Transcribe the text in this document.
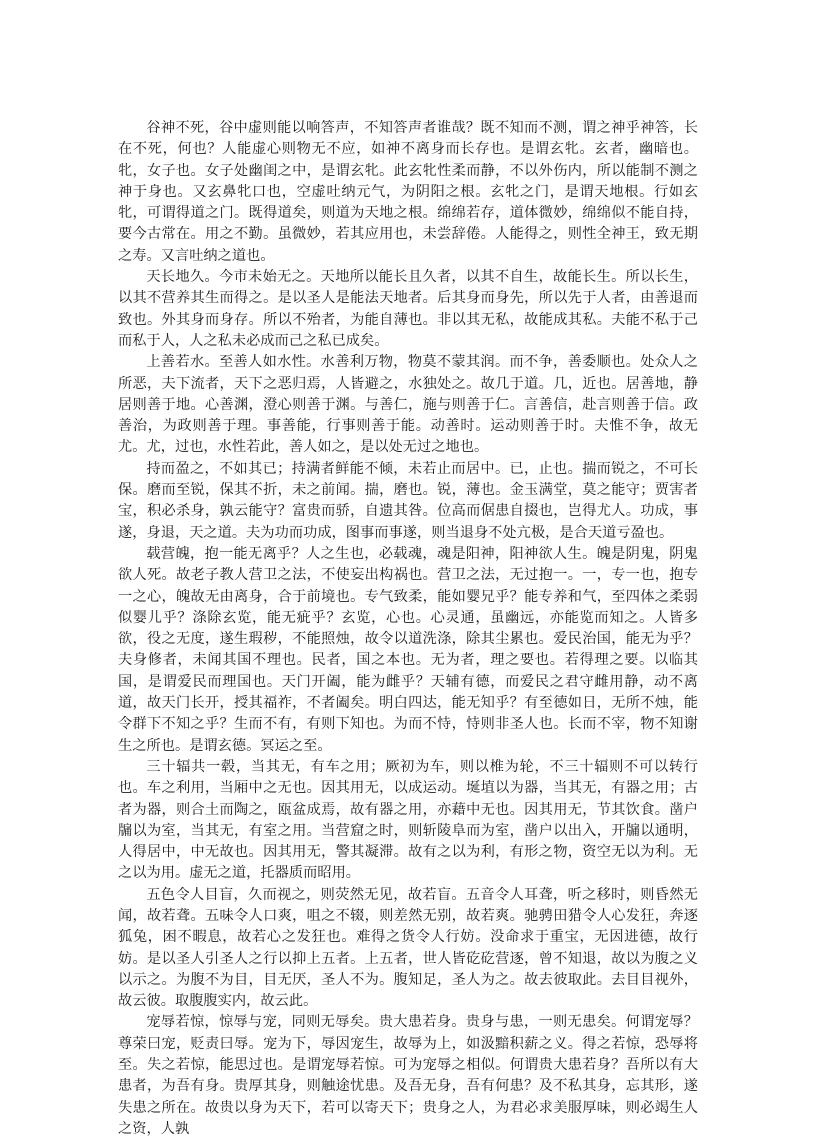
谷神不死，谷中虚则能以响答声，不知答声者谁哉？既不知而不测，谓之神乎神答，长在不死，何也？人能虚心则物无不应，如神不离身而长存也。是谓玄牝。玄者，幽暗也。牝，女子也。女子处幽闺之中，是谓玄牝。此玄牝性柔而静，不以外伤内，所以能制不测之神于身也。又玄鼻牝口也，空虚吐纳元气，为阴阳之根。玄牝之门，是谓天地根。行如玄牝，可谓得道之门。既得道矣，则道为天地之根。绵绵若存，道体微妙，绵绵似不能自持，要今古常在。用之不勤。虽微妙，若其应用也，未尝辞倦。人能得之，则性全神王，致无期之寿。又言吐纳之道也。

天长地久。今市未始无之。天地所以能长且久者，以其不自生，故能长生。所以长生，以其不营养其生而得之。是以圣人是能法天地者。后其身而身先，所以先于人者，由善退而致也。外其身而身存。所以不殆者，为能自薄也。非以其无私，故能成其私。夫能不私于己而私于人，人之私未必成而己之私已成矣。

上善若水。至善人如水性。水善利万物，物莫不蒙其润。而不争，善委顺也。处众人之所恶，夫下流者，天下之恶归焉，人皆避之，水独处之。故几于道。几，近也。居善地，静居则善于地。心善渊，澄心则善于渊。与善仁，施与则善于仁。言善信，赴言则善于信。政善治，为政则善于理。事善能，行事则善于能。动善时。运动则善于时。夫惟不争，故无尤。尤，过也，水性若此，善人如之，是以处无过之地也。

持而盈之，不如其已；持满者鲜能不倾，未若止而居中。已，止也。揣而锐之，不可长保。磨而至锐，保其不折，未之前闻。揣，磨也。锐，薄也。金玉满堂，莫之能守；贾害者宝，积必杀身，孰云能守？富贵而骄，自遗其咎。位高而倨患自掇也，岂得尤人。功成，事遂，身退，天之道。夫为功而功成，图事而事遂，则当退身不处亢极，是合天道亏盈也。

载营魄，抱一能无离乎？人之生也，必载魂，魂是阳神，阳神欲人生。魄是阴鬼，阴鬼欲人死。故老子教人营卫之法，不使妄出构祸也。营卫之法，无过抱一。一，专一也，抱专一之心，魄故无由离身，合于前境也。专气致柔，能如婴兄乎？能专养和气，至四体之柔弱似婴儿乎？涤除玄览，能无疵乎？玄览，心也。心灵通，虽幽远，亦能览而知之。人皆多欲，役之无度，遂生瑕秽，不能照烛，故令以道洗涤，除其尘累也。爱民治国，能无为乎？夫身修者，未闻其国不理也。民者，国之本也。无为者，理之要也。若得理之要。以临其国，是谓爱民而理国也。天门开阖，能为雌乎？天辅有德，而爱民之君守雌用静，动不离道，故天门长开，授其福祚，不者阖矣。明白四达，能无知乎？有至德如日，无所不烛，能令群下不知之乎？生而不有，有则下知也。为而不恃，恃则非圣人也。长而不宰，物不知谢生之所也。是谓玄德。冥运之至。

三十辐共一毂，当其无，有车之用；厥初为车，则以椎为轮，不三十辐则不可以转行也。车之利用，当厢中之无也。因其用无，以成运动。埏埴以为器，当其无，有器之用；古者为器，则合土而陶之，瓯盆成焉，故有器之用，亦藉中无也。因其用无，节其饮食。凿户牖以为室，当其无，有室之用。当营窟之时，则斩陵阜而为室，凿户以出入，开牖以通明，人得居中，中无故也。因其用无，警其凝滞。故有之以为利，有形之物，资空无以为利。无之以为用。虚无之道，托器质而昭用。

五色令人目盲，久而视之，则荧然无见，故若盲。五音令人耳聋，听之移时，则昏然无闻，故若聋。五味令人口爽，咀之不辍，则差然无别，故若爽。驰骋田猎令人心发狂，奔逐狐兔，困不暇息，故若心之发狂也。难得之货令人行妨。没命求于重宝，无因进德，故行妨。是以圣人引圣人之行以抑上五者。上五者，世人皆矻矻营逐，曾不知退，故以为腹之义以示之。为腹不为目，目无厌，圣人不为。腹知足，圣人为之。故去彼取此。去目目视外，故云彼。取腹腹实内，故云此。

宠辱若惊，惊辱与宠，同则无辱矣。贵大患若身。贵身与患，一则无患矣。何谓宠辱？尊荣曰宠，贬责曰辱。宠为下，辱因宠生，故辱为上，如汲黯积薪之义。得之若惊，恐辱将至。失之若惊，能思过也。是谓宠辱若惊。可为宠辱之相似。何谓贵大患若身？吾所以有大患者，为吾有身。贵厚其身，则触途忧患。及吾无身，吾有何患？及不私其身，忘其形，遂失患之所在。故贵以身为天下，若可以寄天下；贵身之人，为君必求美服厚味，则必竭生人之资，人孰
